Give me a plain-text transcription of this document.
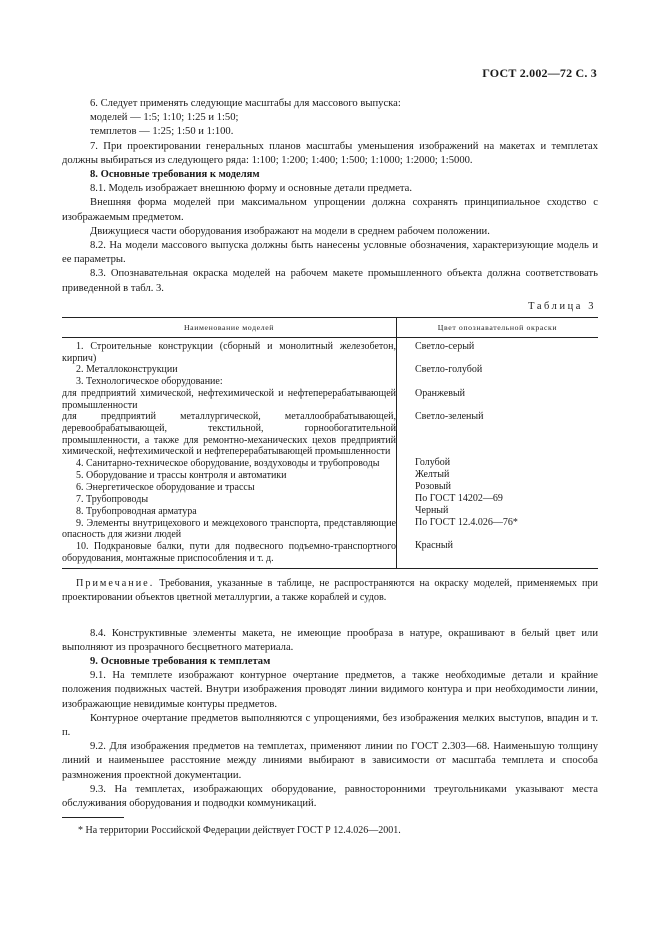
ГОСТ 2.002—72 С. 3

6. Следует применять следующие масштабы для массового выпуска:

моделей — 1:5; 1:10; 1:25 и 1:50;

темплетов — 1:25; 1:50 и 1:100.

7. При проектировании генеральных планов масштабы уменьшения изображений на макетах и темплетах должны выбираться из следующего ряда: 1:100; 1:200; 1:400; 1:500; 1:1000; 1:2000; 1:5000.

8. Основные требования к моделям

8.1. Модель изображает внешнюю форму и основные детали предмета.

Внешняя форма моделей при максимальном упрощении должна сохранять принципиальное сходство с изображаемым предметом.

Движущиеся части оборудования изображают на модели в среднем рабочем положении.

8.2. На модели массового выпуска должны быть нанесены условные обозначения, характеризующие модель и ее параметры.

8.3. Опознавательная окраска моделей на рабочем макете промышленного объекта должна соответствовать приведенной в табл. 3.

Таблица 3
Наименование моделей	Цвет опознавательной окраски
1. Строительные конструкции (сборный и монолитный железобетон, кирпич)
2. Металлоконструкции
3. Технологическое оборудование:
для предприятий химической, нефтехимической и нефтеперерабатывающей промышленности
для предприятий металлургической, металлообрабатывающей, деревообрабатывающей, текстильной, горнообогатительной промышленности, а также для ремонтно-механических цехов предприятий химической, нефтехимической и нефтеперерабатывающей промышленности
4. Санитарно-техническое оборудование, воздуховоды и трубопроводы
5. Оборудование и трассы контроля и автоматики
6. Энергетическое оборудование и трассы
7. Трубопроводы
8. Трубопроводная арматура
9. Элементы внутрицехового и межцехового транспорта, представляющие опасность для жизни людей
10. Подкрановые балки, пути для подвесного подъемно-транспортного оборудования, монтажные приспособления и т. д.
Светло-серый
Светло-голубой
Оранжевый
Светло-зеленый
Голубой
Желтый
Розовый
По ГОСТ 14202—69
Черный
По ГОСТ 12.4.026—76*
Красный

Примечание. Требования, указанные в таблице, не распространяются на окраску моделей, применяемых при проектировании объектов цветной металлургии, а также кораблей и судов.

8.4. Конструктивные элементы макета, не имеющие прообраза в натуре, окрашивают в белый цвет или выполняют из прозрачного бесцветного материала.

9. Основные требования к темплетам

9.1. На темплете изображают контурное очертание предметов, а также необходимые детали и крайние положения подвижных частей. Внутри изображения проводят линии видимого контура и при необходимости линии, изображающие невидимые контуры предметов.

Контурное очертание предметов выполняются с упрощениями, без изображения мелких выступов, впадин и т. п.

9.2. Для изображения предметов на темплетах, применяют линии по ГОСТ 2.303—68. Наименьшую толщину линий и наименьшее расстояние между линиями выбирают в зависимости от масштаба темплета и способа размножения проектной документации.

9.3. На темплетах, изображающих оборудование, равносторонними треугольниками указывают места обслуживания оборудования и подводки коммуникаций.

* На территории Российской Федерации действует ГОСТ Р 12.4.026—2001.
